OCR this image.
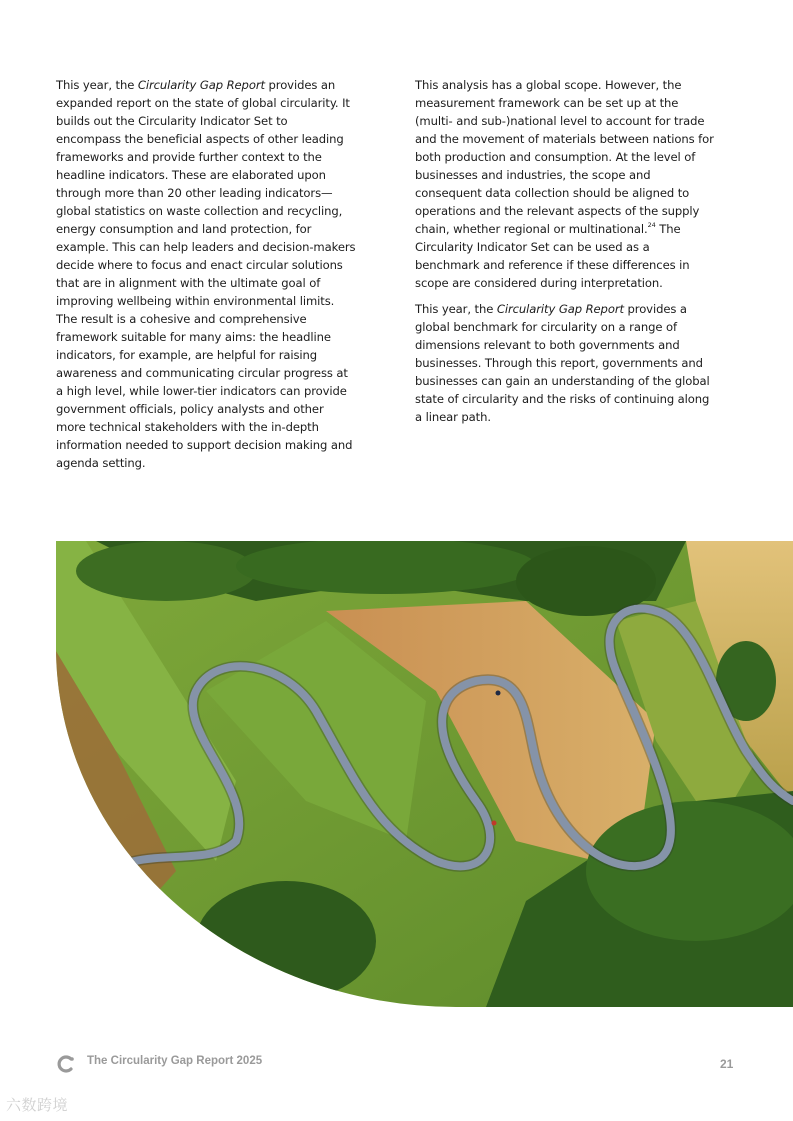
This year, the Circularity Gap Report provides an expanded report on the state of global circularity. It builds out the Circularity Indicator Set to encompass the beneficial aspects of other leading frameworks and provide further context to the headline indicators. These are elaborated upon through more than 20 other leading indicators—global statistics on waste collection and recycling, energy consumption and land protection, for example. This can help leaders and decision-makers decide where to focus and enact circular solutions that are in alignment with the ultimate goal of improving wellbeing within environmental limits. The result is a cohesive and comprehensive framework suitable for many aims: the headline indicators, for example, are helpful for raising awareness and communicating circular progress at a high level, while lower-tier indicators can provide government officials, policy analysts and other more technical stakeholders with the in-depth information needed to support decision making and agenda setting.

This analysis has a global scope. However, the measurement framework can be set up at the (multi- and sub-)national level to account for trade and the movement of materials between nations for both production and consumption. At the level of businesses and industries, the scope and consequent data collection should be aligned to operations and the relevant aspects of the supply chain, whether regional or multinational.$^{24}$ The Circularity Indicator Set can be used as a benchmark and reference if these differences in scope are considered during interpretation.

This year, the Circularity Gap Report provides a global benchmark for circularity on a range of dimensions relevant to both governments and businesses. Through this report, governments and businesses can gain an understanding of the global state of circularity and the risks of continuing along a linear path.

The Circularity Gap Report 2025	21
六数跨境
